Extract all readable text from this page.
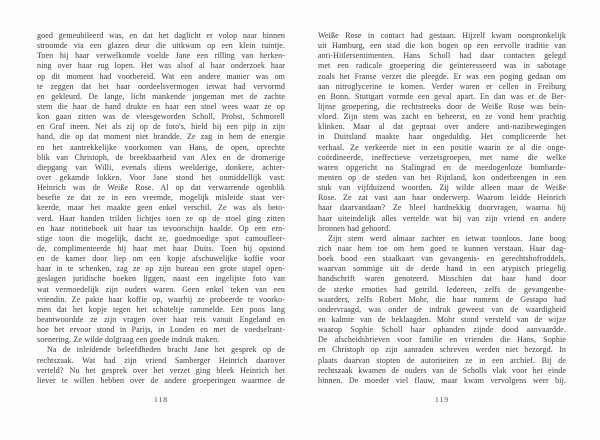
goed gemeubileerd was, en dat het daglicht er volop naar binnen
stroomde via een glazen deur die uitkwam op een klein tuintje.
Toen hij haar verwelkomde voelde Jane een rilling van herken-
ning over haar rug lopen. Het was alsof al haar onderzoek haar
op dit moment had voorbereid. Wat een andere manier was om
te zeggen dat het haar oordeelsvermogen ietwat had vervormd
en gekleurd. De lange, licht mankende jongeman met de zachte
stem die haar de hand drukte en haar een stoel wees waar ze op
kon gaan zitten was de vleesgeworden Scholl, Probst, Schmorell
en Graf ineen. Net als zij op de foto's, hield hij een pijp in zijn
hand, die op dat moment niet brandde. Ze zag in hem de energie
en het aantrekkelijke voorkomen van Hans, de open, oprechte
blik van Christoph, de breekbaarheid van Alex en de dromerige
diepgang van Willi, evenals diens weelderige, donkere, achter-
over gekamde lokken. Voor Jane stond het onmiddellijk vast:
Heinrich was de Weiße Rose. Al op dat verwarrende ogenblik
besefte ze dat ze in een vreemde, mogelijk misleide staat ver-
keerde, maar het maakte geen enkel verschil. Ze was als beto-
verd. Haar handen trilden lichtjes toen ze op de stoel ging zitten
en haar notitieboek uit haar tas tevoorschijn haalde. Op een ern-
stige toon die mogelijk, dacht ze, goedmoedige spot camoufleer-
de, complimenteerde hij haar met haar Duits. Toen hij opstond
en de kamer door liep om een kopje afschuwelijke koffie voor
haar in te schenken, zag ze op zijn bureau een grote stapel open-
geslagen juridische boeken liggen, naast een ingelijste foto van
wat vermoedelijk zijn ouders waren. Geen enkel teken van een
vriendin. Ze pakte haar koffie op, waarbij ze probeerde te voorko-
men dat het kopje tegen het schoteltje rammelde. Een poos lang
beantwoordde ze zijn vragen over haar reis vanuit Engeland en
hoe het ervoor stond in Parijs, in Londen en met de voedselrant-
soenering. Ze wilde dolgraag een goede indruk maken.
Na de inleidende beleefdheden bracht Jane het gesprek op de
rechtszaak. Wat had zijn vriend Samberger Heinrich daarover
verteld? Nu het gesprek over het verzet ging bleek Heinrich het
liever te willen hebben over de andere groeperingen waarmee de
118
Weiße Rose in contact had gestaan. Hijzelf kwam oorspronkelijk
uit Hamburg, een stad die kon bogen op een eervolle traditie van
anti-Hitlersentimenten. Hans Scholl had daar contacten gelegd
met een radicale groepering die geïnteresseerd was in sabotage
zoals het Franse verzet die pleegde. Er was een poging gedaan om
aan nitroglycerine te komen. Verder waren er cellen in Freiburg
en Bonn. Stuttgart vormde een geval apart. En dan was er de Ber-
lijnse groepering, die rechtstreeks door de Weiße Rose was beïn-
vloed. Zijn stem was zacht en beheerst, en ze vond hem prachtig
klinken. Maar al dat gepraat over andere anti-nazibewegingen
in Duitsland maakte haar ongeduldig. Het compliceerde het
verhaal. Ze verkeerde niet in een positie waarin ze al die onge-
coördineerde, ineffectieve verzetsgroepen, met name die welke
waren opgericht na Stalingrad en de meedogenloze bombarde-
menten op de steden van het Rijnland, kon onderbrengen in een
stuk van vijfduizend woorden. Zij wilde alleen maar de Weiße
Rose. Ze zat vast aan haar onderwerp. Waarom leidde Heinrich
haar daarvandaan? Ze bleef hardnekkig doorvragen, waarna hij
haar uiteindelijk alles vertelde wat hij van zijn vriend en andere
bronnen had gehoord.
Zijn stem werd almaar zachter en ietwat toonloos. Jane boog
zich naar hem toe om hem goed te kunnen verstaan. Haar dag-
boek bood een staalkaart van gevangenis- en gerechtshofroddels,
waarvan sommige uit de derde hand in een atypisch priegelig
handschrift waren genoteerd. Misschien dat haar hand door
de sterke emoties had getrild. Iedereen, zelfs de gevangenbe-
waarders, zelfs Robert Mohr, die haar namens de Gestapo had
ondervraagd, was onder de indruk geweest van de waardigheid
en kalmte van de beklaagden. Mohr stond versteld van de wijze
waarop Sophie Scholl haar ophanden zijnde dood aanvaardde.
De afscheidsbrieven voor familie en vrienden die Hans, Sophie
en Christoph op zijn aanraden schreven werden niet bezorgd. In
plaats daarvan stopten de autoriteiten ze in een archief. Bij de
rechtszaak kwamen de ouders van de Scholls vlak voor het einde
binnen. De moeder viel flauw, maar kwam vervolgens weer bij.
119
